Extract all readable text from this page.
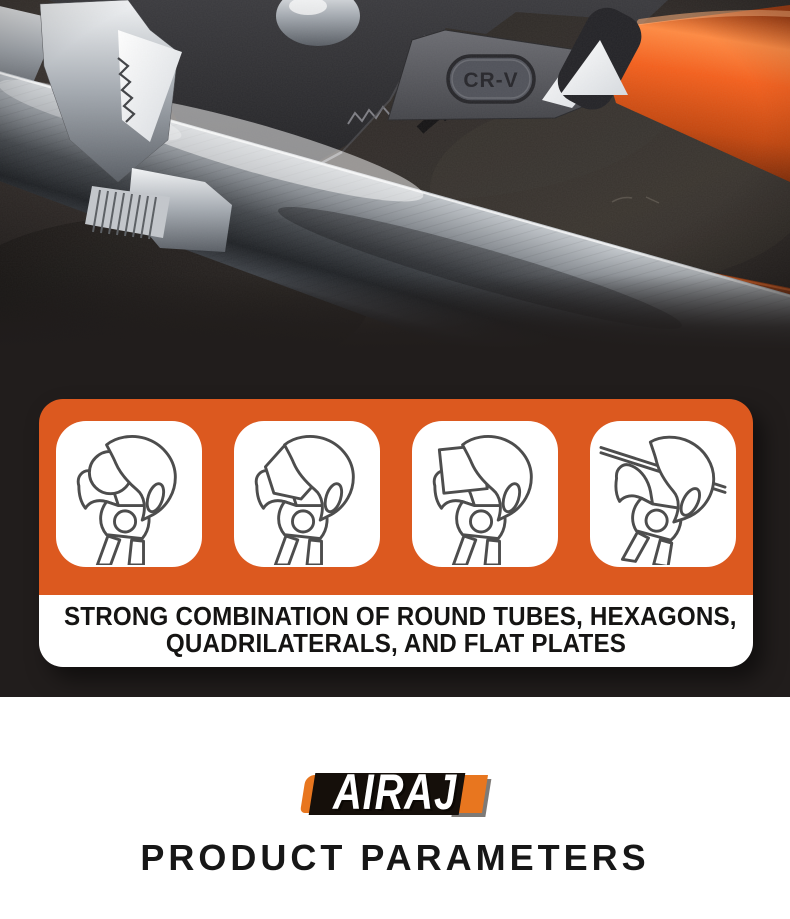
STRONG COMBINATION OF ROUND TUBES, HEXAGONS,
QUADRILATERALS, AND FLAT PLATES
AIRAJ
PRODUCT PARAMETERS
